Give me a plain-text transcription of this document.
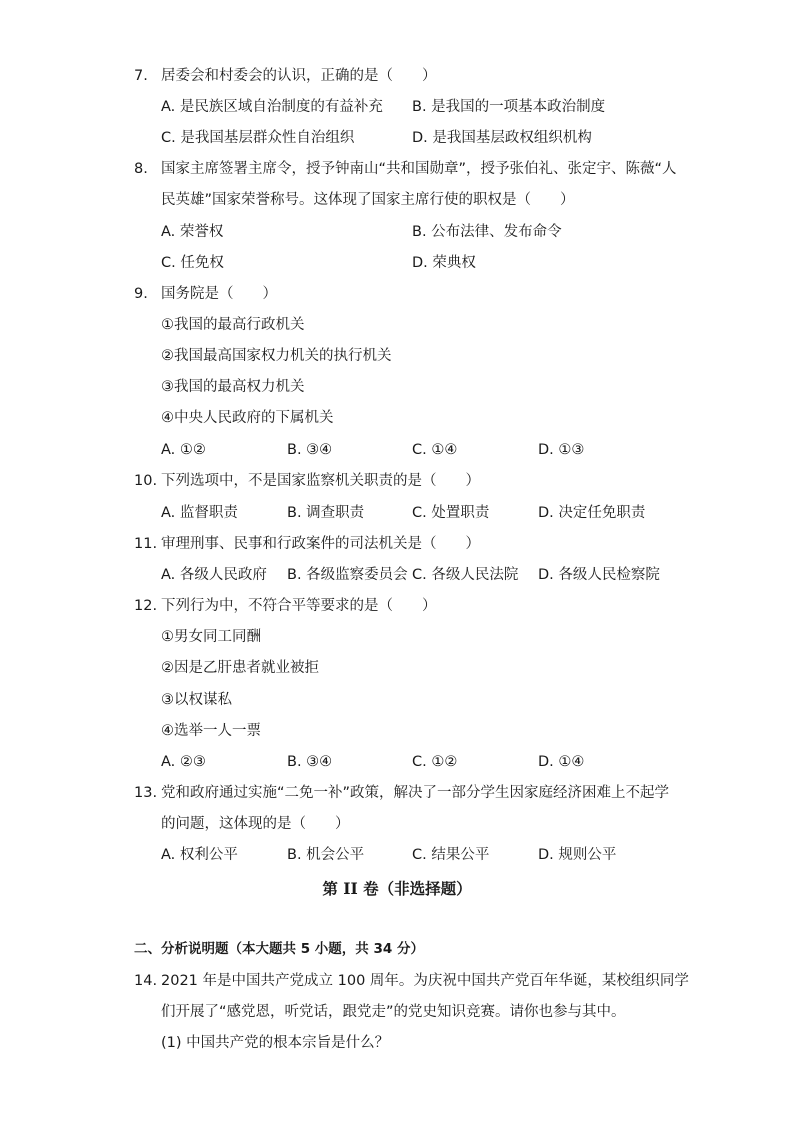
7. 居委会和村委会的认识，正确的是（　　）
A. 是民族区域自治制度的有益补充 B. 是我国的一项基本政治制度
C. 是我国基层群众性自治组织	D. 是我国基层政权组织机构
8. 国家主席签署主席令，授予钟南山“共和国勋章”，授予张伯礼、张定宇、陈薇“人
民英雄”国家荣誉称号。这体现了国家主席行使的职权是（　　）
A. 荣誉权	B. 公布法律、发布命令
C. 任免权	D. 荣典权
9. 国务院是（　　）
①我国的最高行政机关
②我国最高国家权力机关的执行机关
③我国的最高权力机关
④中央人民政府的下属机关
A. ①②	B. ③④	C. ①④	D. ①③
10. 下列选项中，不是国家监察机关职责的是（　　）
A. 监督职责	B. 调查职责	C. 处置职责	D. 决定任免职责
11. 审理刑事、民事和行政案件的司法机关是（　　）
A. 各级人民政府 B. 各级监察委员会 C. 各级人民法院 D. 各级人民检察院
12. 下列行为中，不符合平等要求的是（　　）
①男女同工同酬
②因是乙肝患者就业被拒
③以权谋私
④选举一人一票
A. ②③	B. ③④	C. ①②	D. ①④
13. 党和政府通过实施“二免一补”政策，解决了一部分学生因家庭经济困难上不起学
的问题，这体现的是（　　）
A. 权利公平	B. 机会公平	C. 结果公平	D. 规则公平
第 II 卷（非选择题）
二、分析说明题（本大题共 5 小题，共 34 分）
14. 2021 年是中国共产党成立 100 周年。为庆祝中国共产党百年华诞，某校组织同学
们开展了“感党恩，听党话，跟党走”的党史知识竞赛。请你也参与其中。
(1) 中国共产党的根本宗旨是什么？
